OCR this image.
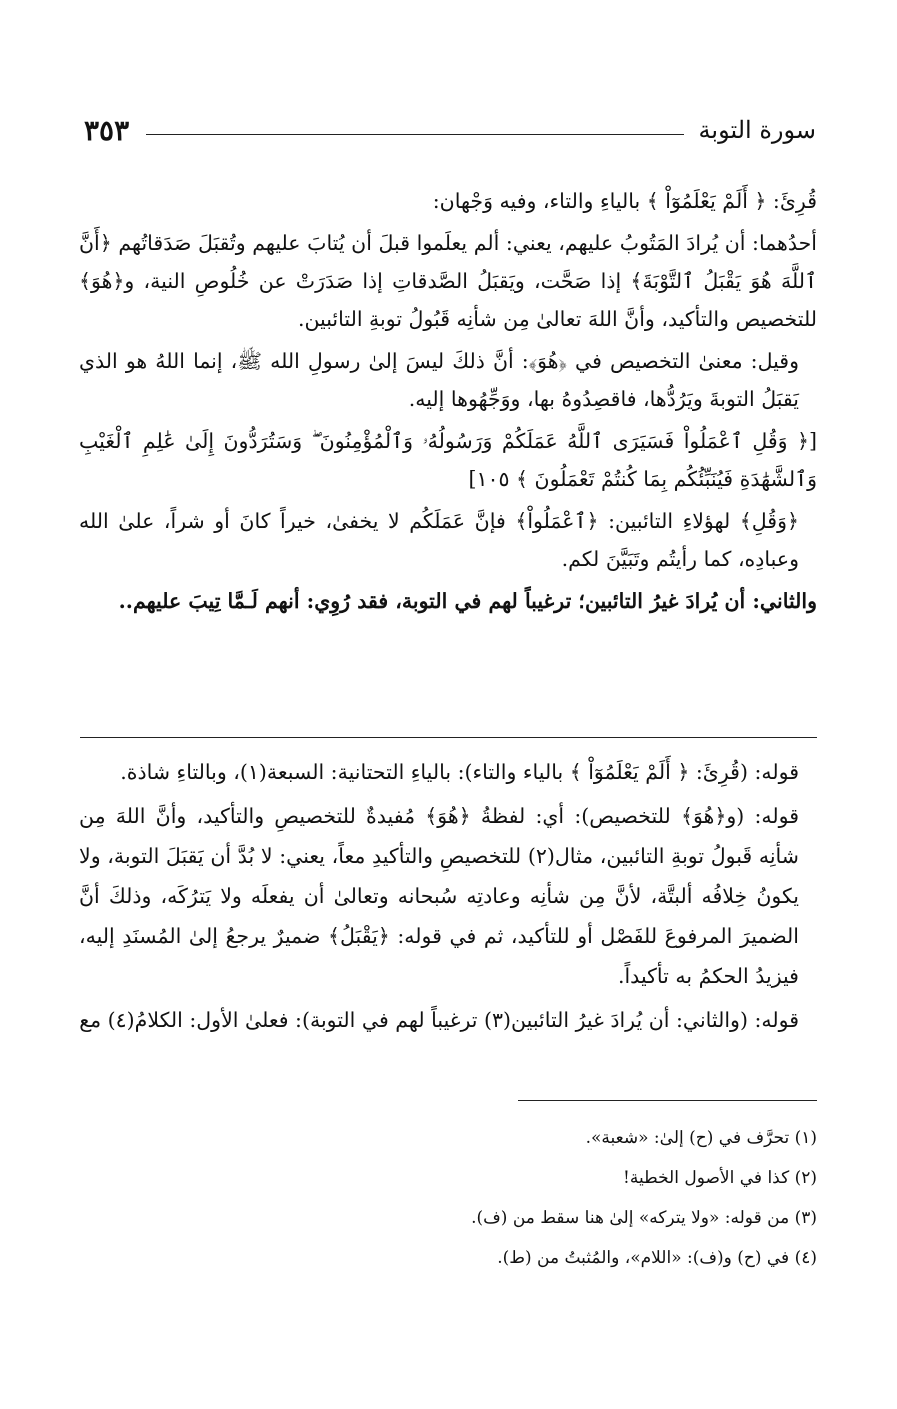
سورة التوبة
٣٥٣

قُرِئَ: ﴿ أَلَمْ يَعْلَمُوٓاْ ﴾ بالياءِ والتاء، وفيه وَجْهان:

أحدُهما: أن يُرادَ المَتُوبُ عليهم، يعني: ألم يعلَموا قبلَ أن يُتابَ عليهم وتُقبَلَ صَدَقاتُهم ﴿أَنَّ ٱللَّهَ هُوَ يَقْبَلُ ٱلتَّوْبَةَ﴾ إذا صَحَّت، ويَقبَلُ الصَّدقاتِ إذا صَدَرَتْ عن خُلُوصِ النية، و﴿هُوَ﴾ للتخصيص والتأكيد، وأنَّ اللهَ تعالىٰ مِن شأنِه قَبُولُ توبةِ التائبين.

وقيل: معنىٰ التخصيص في ﴿هُوَ﴾: أنَّ ذلكَ ليسَ إلىٰ رسولِ الله ﷺ، إنما اللهُ هو الذي يَقبَلُ التوبةَ ويَرُدُّها، فاقصِدُوهُ بها، ووَجِّهُوها إليه.

[﴿ وَقُلِ ٱعْمَلُواْ فَسَيَرَى ٱللَّهُ عَمَلَكُمْ وَرَسُولُهُۥ وَٱلْمُؤْمِنُونَ ۖ وَسَتُرَدُّونَ إِلَىٰ عَٰلِمِ ٱلْغَيْبِ وَٱلشَّهَٰدَةِ فَيُنَبِّئُكُم بِمَا كُنتُمْ تَعْمَلُونَ ﴾ ١٠٥]

﴿وَقُلِ﴾ لهؤلاءِ التائبين: ﴿ٱعْمَلُواْ﴾ فإنَّ عَمَلَكُم لا يخفىٰ، خيراً كانَ أو شراً، علىٰ الله وعبادِه، كما رأيتُم وتَبَيَّنَ لكم.

والثاني: أن يُرادَ غيرُ التائبين؛ ترغيباً لهم في التوبة، فقد رُوِي: أنهم لَـمَّا تِيبَ عليهم..

قوله: (قُرِئَ: ﴿ أَلَمْ يَعْلَمُوٓاْ ﴾ بالياء والتاء): بالياءِ التحتانية: السبعة(١)، وبالتاءِ شاذة.

قوله: (و﴿هُوَ﴾ للتخصيص): أي: لفظةُ ﴿هُوَ﴾ مُفيدةٌ للتخصيصِ والتأكيد، وأنَّ اللهَ مِن شأنِه قَبولُ توبةِ التائبين، مثال(٢) للتخصيصِ والتأكيدِ معاً، يعني: لا بُدَّ أن يَقبَلَ التوبة، ولا يكونُ خِلافُه ألبتَّة، لأنَّ مِن شأنِه وعادتِه سُبحانه وتعالىٰ أن يفعلَه ولا يَترُكَه، وذلكَ أنَّ الضميرَ المرفوعَ للفَصْل أو للتأكيد، ثم في قوله: ﴿يَقْبَلُ﴾ ضميرٌ يرجعُ إلىٰ المُسنَدِ إليه، فيزيدُ الحكمُ به تأكيداً.

قوله: (والثاني: أن يُرادَ غيرُ التائبين(٣) ترغيباً لهم في التوبة): فعلىٰ الأول: الكلامُ(٤) مع

(١) تحرَّف في (ح) إلىٰ: «شعبة».

(٢) كذا في الأصول الخطية!

(٣) من قوله: «ولا يتركه» إلىٰ هنا سقط من (ف).

(٤) في (ح) و(ف): «اللام»، والمُثبتُ من (ط).
